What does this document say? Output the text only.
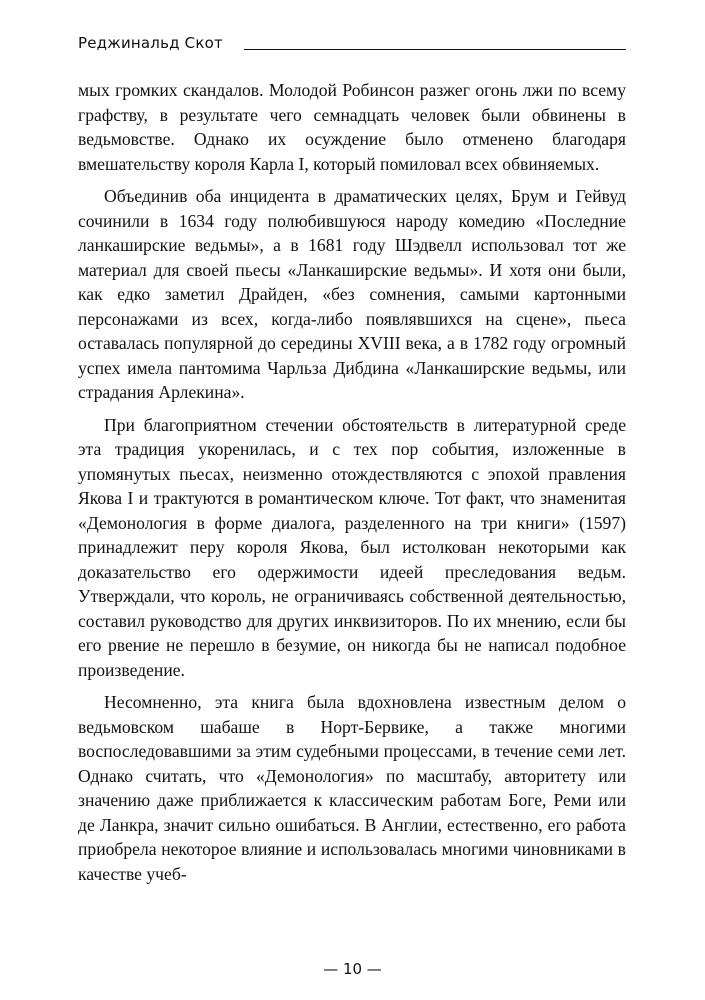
Реджинальд Скот

мых громких скандалов. Молодой Робинсон разжег огонь лжи по всему графству, в результате чего семнадцать человек были обвинены в ведьмовстве. Однако их осуждение было отменено благодаря вмешательству короля Карла I, который помиловал всех обвиняемых.

Объединив оба инцидента в драматических целях, Брум и Гейвуд сочинили в 1634 году полюбившуюся народу комедию «Последние ланкаширские ведьмы», а в 1681 году Шэдвелл использовал тот же материал для своей пьесы «Ланкаширские ведьмы». И хотя они были, как едко заметил Драйден, «без сомнения, самыми картонными персонажами из всех, когда-либо появлявшихся на сцене», пьеса оставалась популярной до середины XVIII века, а в 1782 году огромный успех имела пантомима Чарльза Дибдина «Ланкаширские ведьмы, или страдания Арлекина».

При благоприятном стечении обстоятельств в литературной среде эта традиция укоренилась, и с тех пор события, изложенные в упомянутых пьесах, неизменно отождествляются с эпохой правления Якова I и трактуются в романтическом ключе. Тот факт, что знаменитая «Демонология в форме диалога, разделенного на три книги» (1597) принадлежит перу короля Якова, был истолкован некоторыми как доказательство его одержимости идеей преследования ведьм. Утверждали, что король, не ограничиваясь собственной деятельностью, составил руководство для других инквизиторов. По их мнению, если бы его рвение не перешло в безумие, он никогда бы не написал подобное произведение.

Несомненно, эта книга была вдохновлена известным делом о ведьмовском шабаше в Норт-Бервике, а также многими воспоследовавшими за этим судебными процессами, в течение семи лет. Однако считать, что «Демонология» по масштабу, авторитету или значению даже приближается к классическим работам Боге, Реми или де Ланкра, значит сильно ошибаться. В Англии, естественно, его работа приобрела некоторое влияние и использовалась многими чиновниками в качестве учеб-

— 10 —
